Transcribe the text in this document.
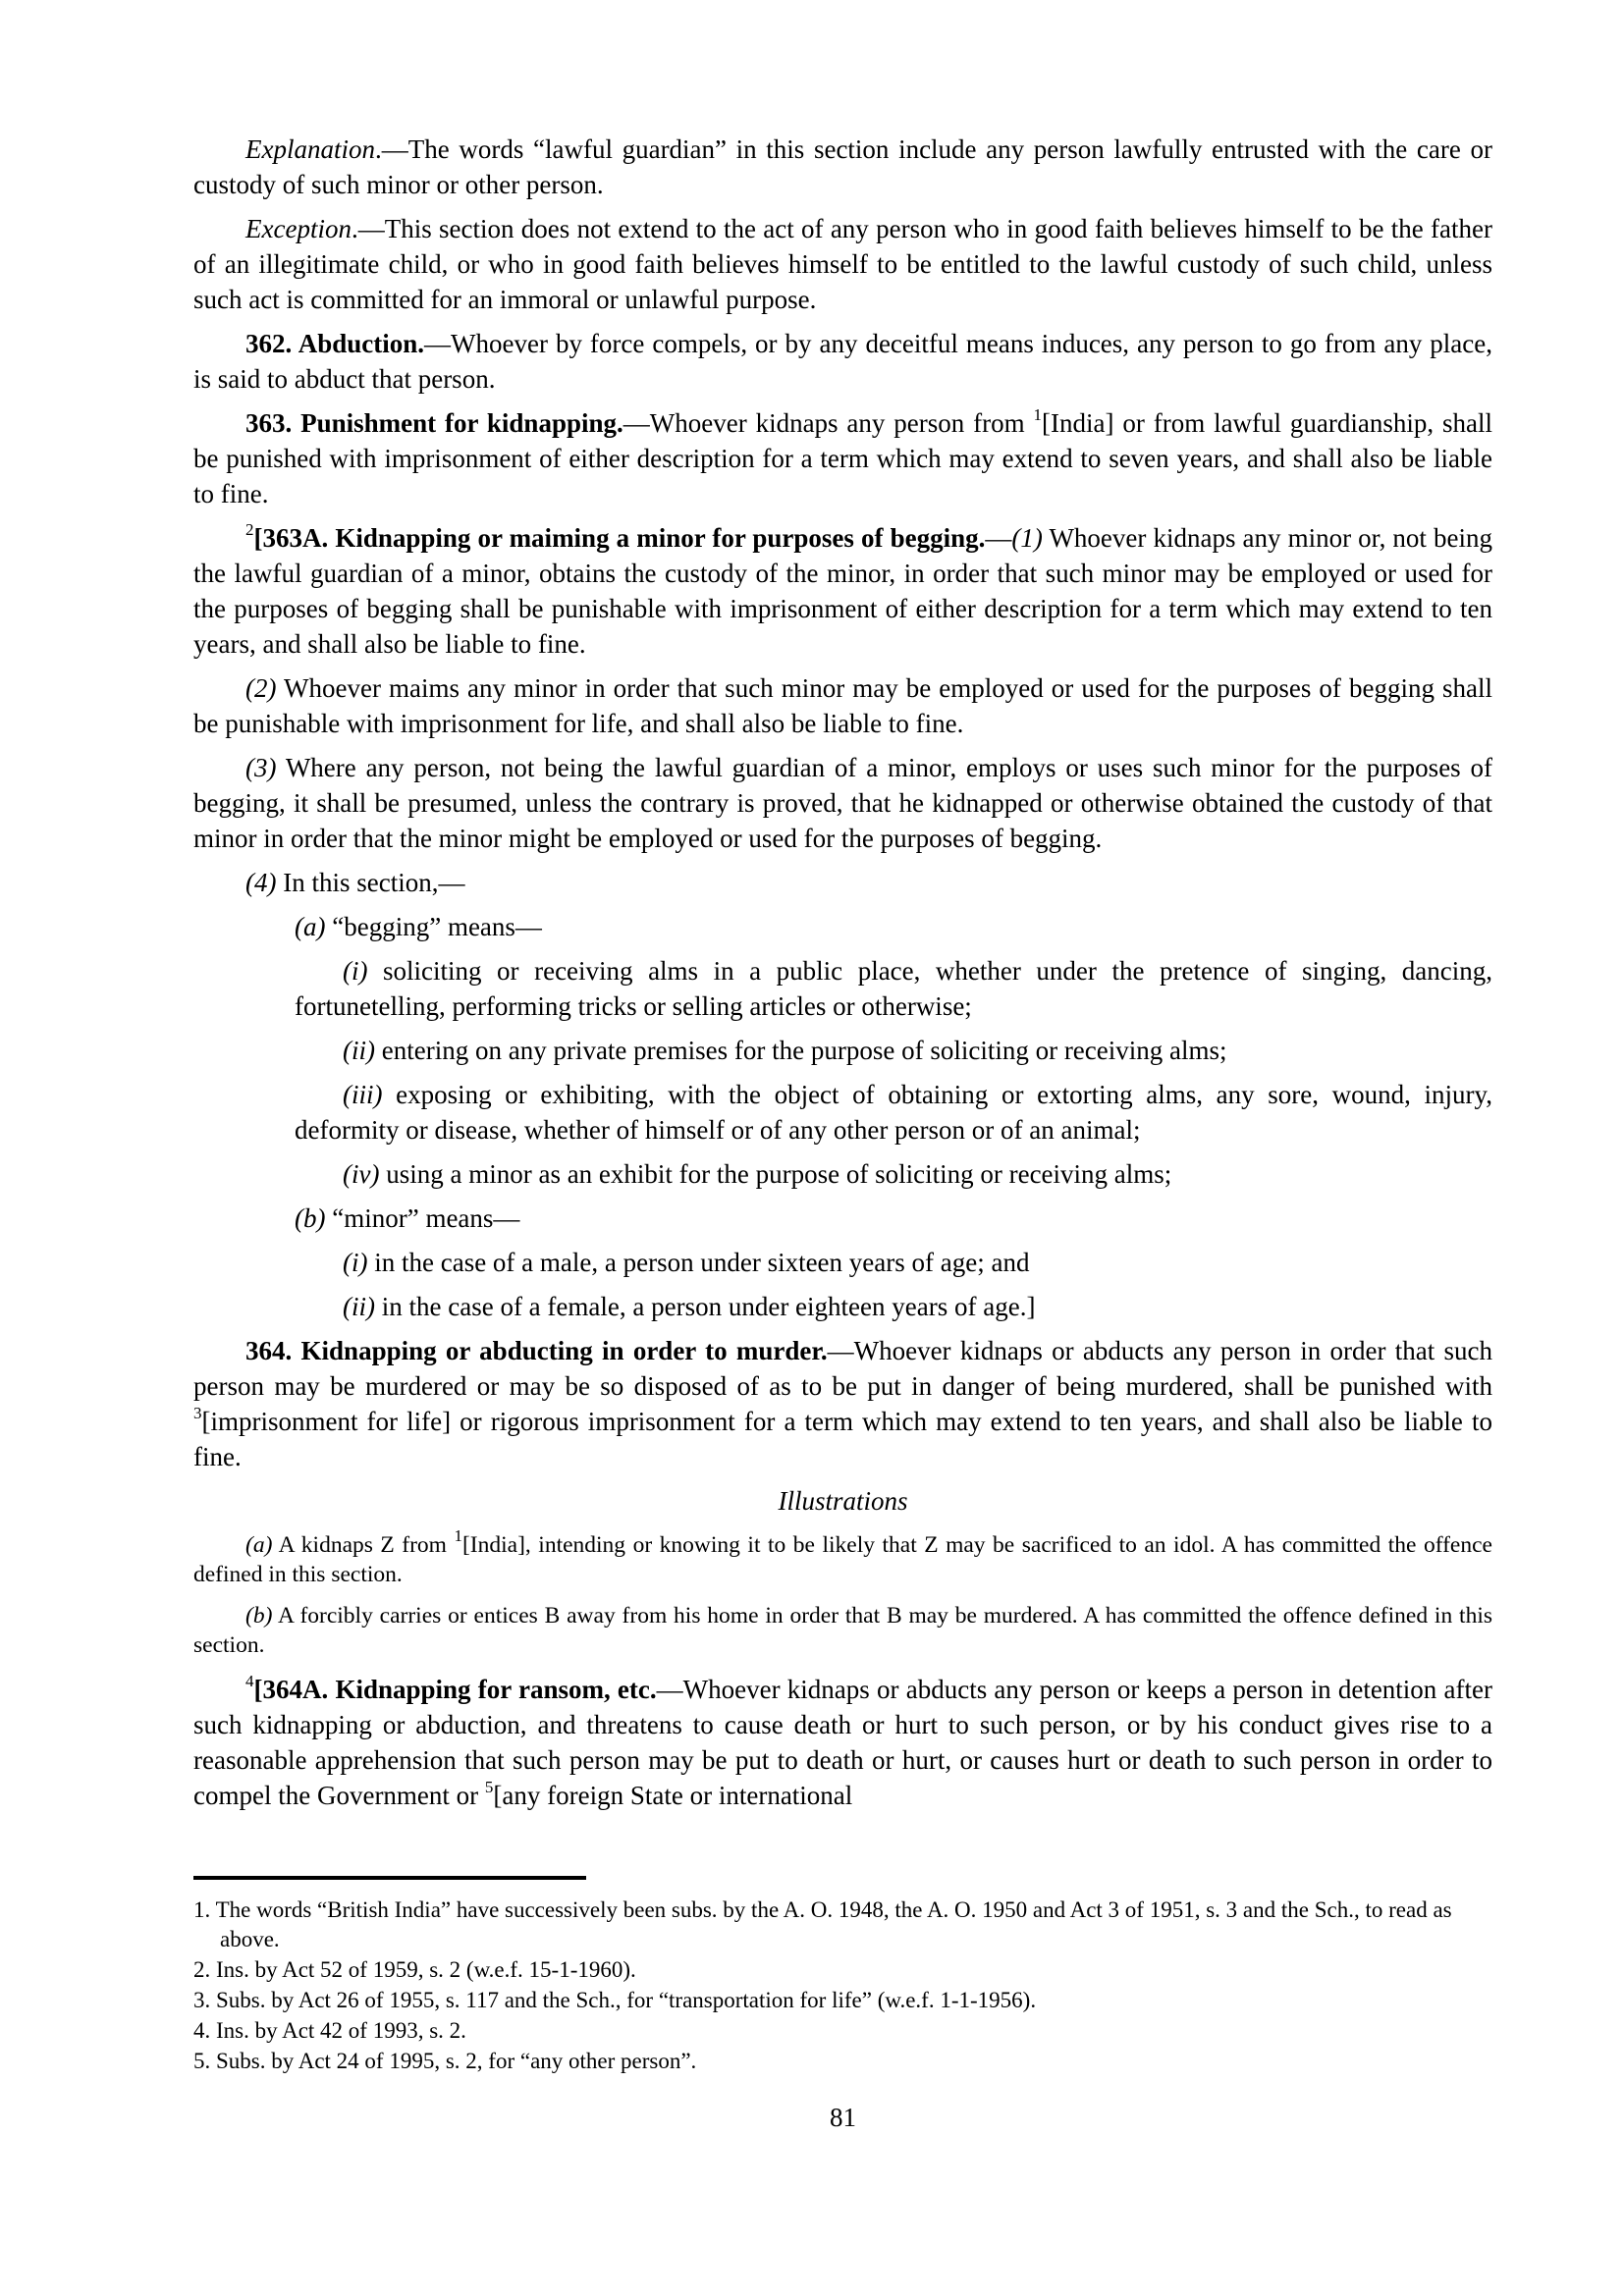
Explanation.—The words “lawful guardian” in this section include any person lawfully entrusted with the care or custody of such minor or other person.

Exception.—This section does not extend to the act of any person who in good faith believes himself to be the father of an illegitimate child, or who in good faith believes himself to be entitled to the lawful custody of such child, unless such act is committed for an immoral or unlawful purpose.

362. Abduction.—Whoever by force compels, or by any deceitful means induces, any person to go from any place, is said to abduct that person.

363. Punishment for kidnapping.—Whoever kidnaps any person from $^1$[India] or from lawful guardianship, shall be punished with imprisonment of either description for a term which may extend to seven years, and shall also be liable to fine.

$^2$[363A. Kidnapping or maiming a minor for purposes of begging.—(1) Whoever kidnaps any minor or, not being the lawful guardian of a minor, obtains the custody of the minor, in order that such minor may be employed or used for the purposes of begging shall be punishable with imprisonment of either description for a term which may extend to ten years, and shall also be liable to fine.

(2) Whoever maims any minor in order that such minor may be employed or used for the purposes of begging shall be punishable with imprisonment for life, and shall also be liable to fine.

(3) Where any person, not being the lawful guardian of a minor, employs or uses such minor for the purposes of begging, it shall be presumed, unless the contrary is proved, that he kidnapped or otherwise obtained the custody of that minor in order that the minor might be employed or used for the purposes of begging.

(4) In this section,—

(a) “begging” means—

(i) soliciting or receiving alms in a public place, whether under the pretence of singing, dancing, fortunetelling, performing tricks or selling articles or otherwise;

(ii) entering on any private premises for the purpose of soliciting or receiving alms;

(iii) exposing or exhibiting, with the object of obtaining or extorting alms, any sore, wound, injury, deformity or disease, whether of himself or of any other person or of an animal;

(iv) using a minor as an exhibit for the purpose of soliciting or receiving alms;

(b) “minor” means—

(i) in the case of a male, a person under sixteen years of age; and

(ii) in the case of a female, a person under eighteen years of age.]

364. Kidnapping or abducting in order to murder.—Whoever kidnaps or abducts any person in order that such person may be murdered or may be so disposed of as to be put in danger of being murdered, shall be punished with $^3$[imprisonment for life] or rigorous imprisonment for a term which may extend to ten years, and shall also be liable to fine.

Illustrations

(a) A kidnaps Z from $^1$[India], intending or knowing it to be likely that Z may be sacrificed to an idol. A has committed the offence defined in this section.

(b) A forcibly carries or entices B away from his home in order that B may be murdered. A has committed the offence defined in this section.

$^4$[364A. Kidnapping for ransom, etc.—Whoever kidnaps or abducts any person or keeps a person in detention after such kidnapping or abduction, and threatens to cause death or hurt to such person, or by his conduct gives rise to a reasonable apprehension that such person may be put to death or hurt, or causes hurt or death to such person in order to compel the Government or $^5$[any foreign State or international

1. The words “British India” have successively been subs. by the A. O. 1948, the A. O. 1950 and Act 3 of 1951, s. 3 and the Sch., to read as above.

2. Ins. by Act 52 of 1959, s. 2 (w.e.f. 15-1-1960).

3. Subs. by Act 26 of 1955, s. 117 and the Sch., for “transportation for life” (w.e.f. 1-1-1956).

4. Ins. by Act 42 of 1993, s. 2.

5. Subs. by Act 24 of 1995, s. 2, for “any other person”.

81
